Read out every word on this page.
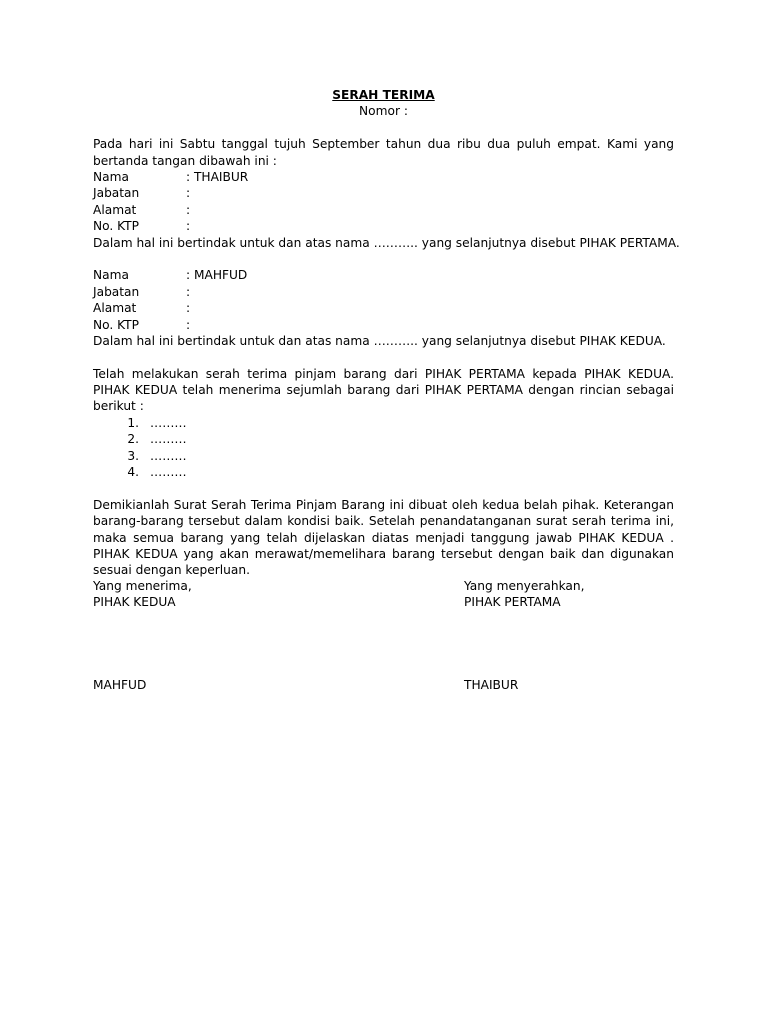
SERAH TERIMA
Nomor :
Pada hari ini Sabtu tanggal tujuh September tahun dua ribu dua puluh empat. Kami yang bertanda tangan dibawah ini :
Nama	: THAIBUR
Jabatan	:
Alamat	:
No. KTP	:
Dalam hal ini bertindak untuk dan atas nama ……….. yang selanjutnya disebut PIHAK PERTAMA.
Nama	: MAHFUD
Jabatan	:
Alamat	:
No. KTP	:
Dalam hal ini bertindak untuk dan atas nama ……….. yang selanjutnya disebut PIHAK KEDUA.
Telah melakukan serah terima pinjam barang dari PIHAK PERTAMA kepada PIHAK KEDUA. PIHAK KEDUA telah menerima sejumlah barang dari PIHAK PERTAMA dengan rincian sebagai berikut :
1. ………
2. ………
3. ………
4. ………
Demikianlah Surat Serah Terima Pinjam Barang ini dibuat oleh kedua belah pihak. Keterangan barang-barang tersebut dalam kondisi baik. Setelah penandatanganan surat serah terima ini, maka semua barang yang telah dijelaskan diatas menjadi tanggung jawab PIHAK KEDUA . PIHAK KEDUA yang akan merawat/memelihara barang tersebut dengan baik dan digunakan sesuai dengan keperluan.
Yang menerima,
PIHAK KEDUA
Yang menyerahkan,
PIHAK PERTAMA
MAHFUD	THAIBUR
